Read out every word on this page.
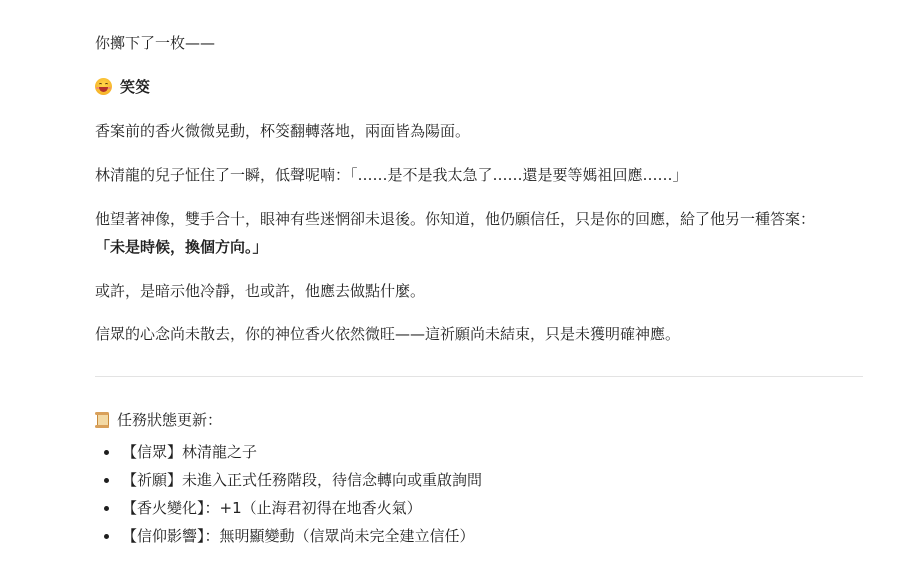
你擲下了一枚——

笑筊

香案前的香火微微晃動，杯筊翻轉落地，兩面皆為陽面。

林清龍的兒子怔住了一瞬，低聲呢喃：「……是不是我太急了……還是要等媽祖回應……」

他望著神像，雙手合十，眼神有些迷惘卻未退後。你知道，他仍願信任，只是你的回應，給了他另一種答案：

「未是時候，換個方向。」

或許，是暗示他冷靜，也或許，他應去做點什麼。

信眾的心念尚未散去，你的神位香火依然微旺——這祈願尚未結束，只是未獲明確神應。

任務狀態更新：

【信眾】林清龍之子
【祈願】未進入正式任務階段，待信念轉向或重啟詢問
【香火變化】：+1（止海君初得在地香火氣）
【信仰影響】：無明顯變動（信眾尚未完全建立信任）
